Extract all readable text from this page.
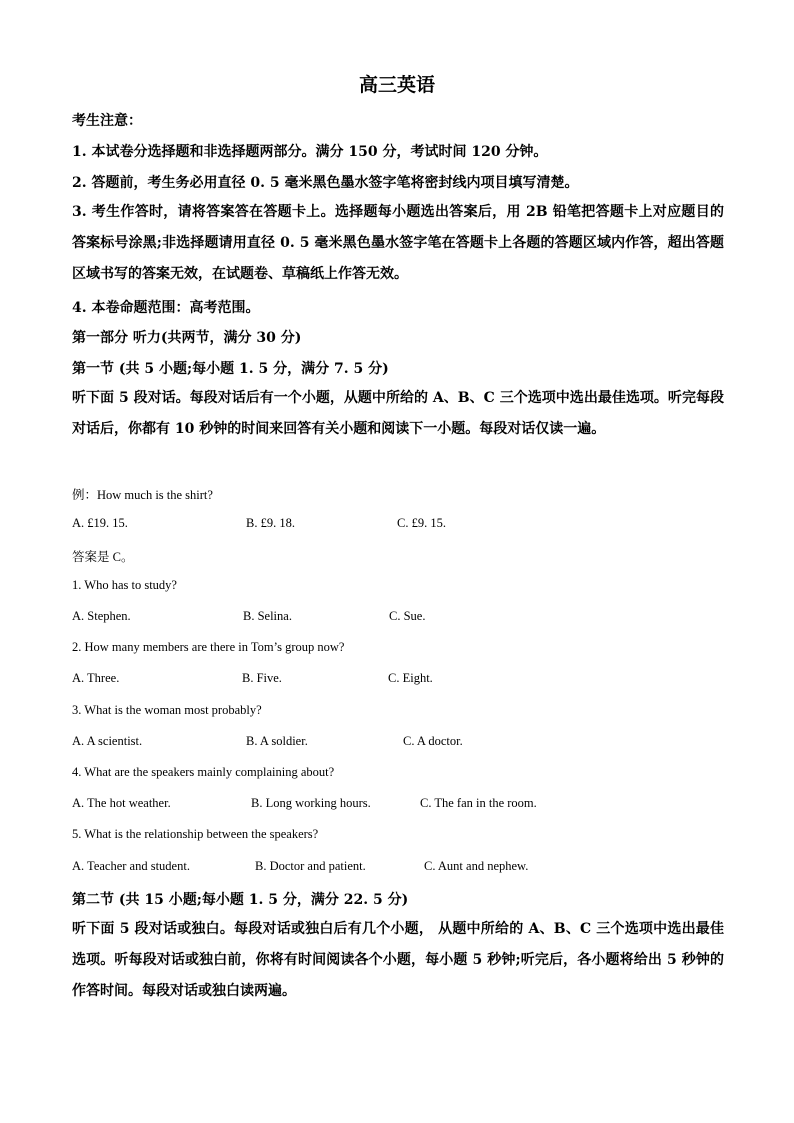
高三英语
考生注意：
1. 本试卷分选择题和非选择题两部分。满分 150 分，考试时间 120 分钟。
2. 答题前，考生务必用直径 0. 5 毫米黑色墨水签字笔将密封线内项目填写清楚。
3. 考生作答时，请将答案答在答题卡上。选择题每小题选出答案后，用 2B 铅笔把答题卡上对应题目的答案标号涂黑;非选择题请用直径 0. 5 毫米黑色墨水签字笔在答题卡上各题的答题区域内作答，超出答题区域书写的答案无效，在试题卷、草稿纸上作答无效。
4. 本卷命题范围：高考范围。
第一部分 听力(共两节，满分 30 分)
第一节 (共 5 小题;每小题 1. 5 分，满分 7. 5 分)
听下面 5 段对话。每段对话后有一个小题，从题中所给的 A、B、C 三个选项中选出最佳选项。听完每段对话后，你都有 10 秒钟的时间来回答有关小题和阅读下一小题。每段对话仅读一遍。
例：How much is the shirt?
A. £19. 15.	B. £9. 18.	C. £9. 15.
答案是 C。
1. Who has to study?
A. Stephen.	B. Selina.	C. Sue.
2. How many members are there in Tom’s group now?
A. Three.	B. Five.	C. Eight.
3. What is the woman most probably?
A. A scientist.	B. A soldier.	C. A doctor.
4. What are the speakers mainly complaining about?
A. The hot weather.	B. Long working hours.	C. The fan in the room.
5. What is the relationship between the speakers?
A. Teacher and student.	B. Doctor and patient.	C. Aunt and nephew.
第二节 (共 15 小题;每小题 1. 5 分，满分 22. 5 分)
听下面 5 段对话或独白。每段对话或独白后有几个小题， 从题中所给的 A、B、C 三个选项中选出最佳选项。听每段对话或独白前，你将有时间阅读各个小题，每小题 5 秒钟;听完后，各小题将给出 5 秒钟的作答时间。每段对话或独白读两遍。
